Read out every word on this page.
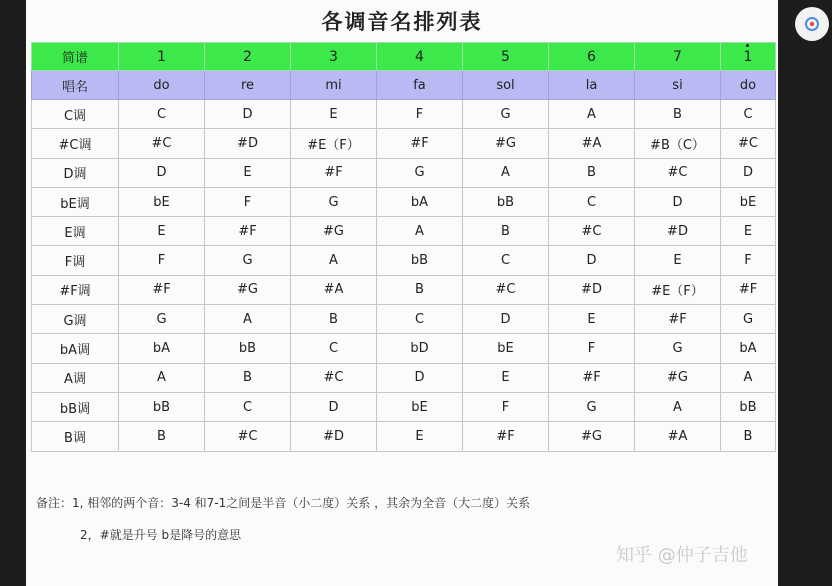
各调音名排列表
简谱	1	2	3	4	5	6	7	1

唱名	do	re	mi	fa	sol	la	si	do
C调	C	D	E	F	G	A	B	C
#C调	#C	#D	#E（F）	#F	#G	#A	#B（C）	#C
D调	D	E	#F	G	A	B	#C	D
bE调	bE	F	G	bA	bB	C	D	bE
E调	E	#F	#G	A	B	#C	#D	E
F调	F	G	A	bB	C	D	E	F
#F调	#F	#G	#A	B	#C	#D	#E（F）	#F
G调	G	A	B	C	D	E	#F	G
bA调	bA	bB	C	bD	bE	F	G	bA
A调	A	B	#C	D	E	#F	#G	A
bB调	bB	C	D	bE	F	G	A	bB
B调	B	#C	#D	E	#F	#G	#A	B
备注：1, 相邻的两个音：3-4 和7-1之间是半音（小二度）关系 ，其余为全音（大二度）关系
2，#就是升号 b是降号的意思
知乎 @仲子吉他
